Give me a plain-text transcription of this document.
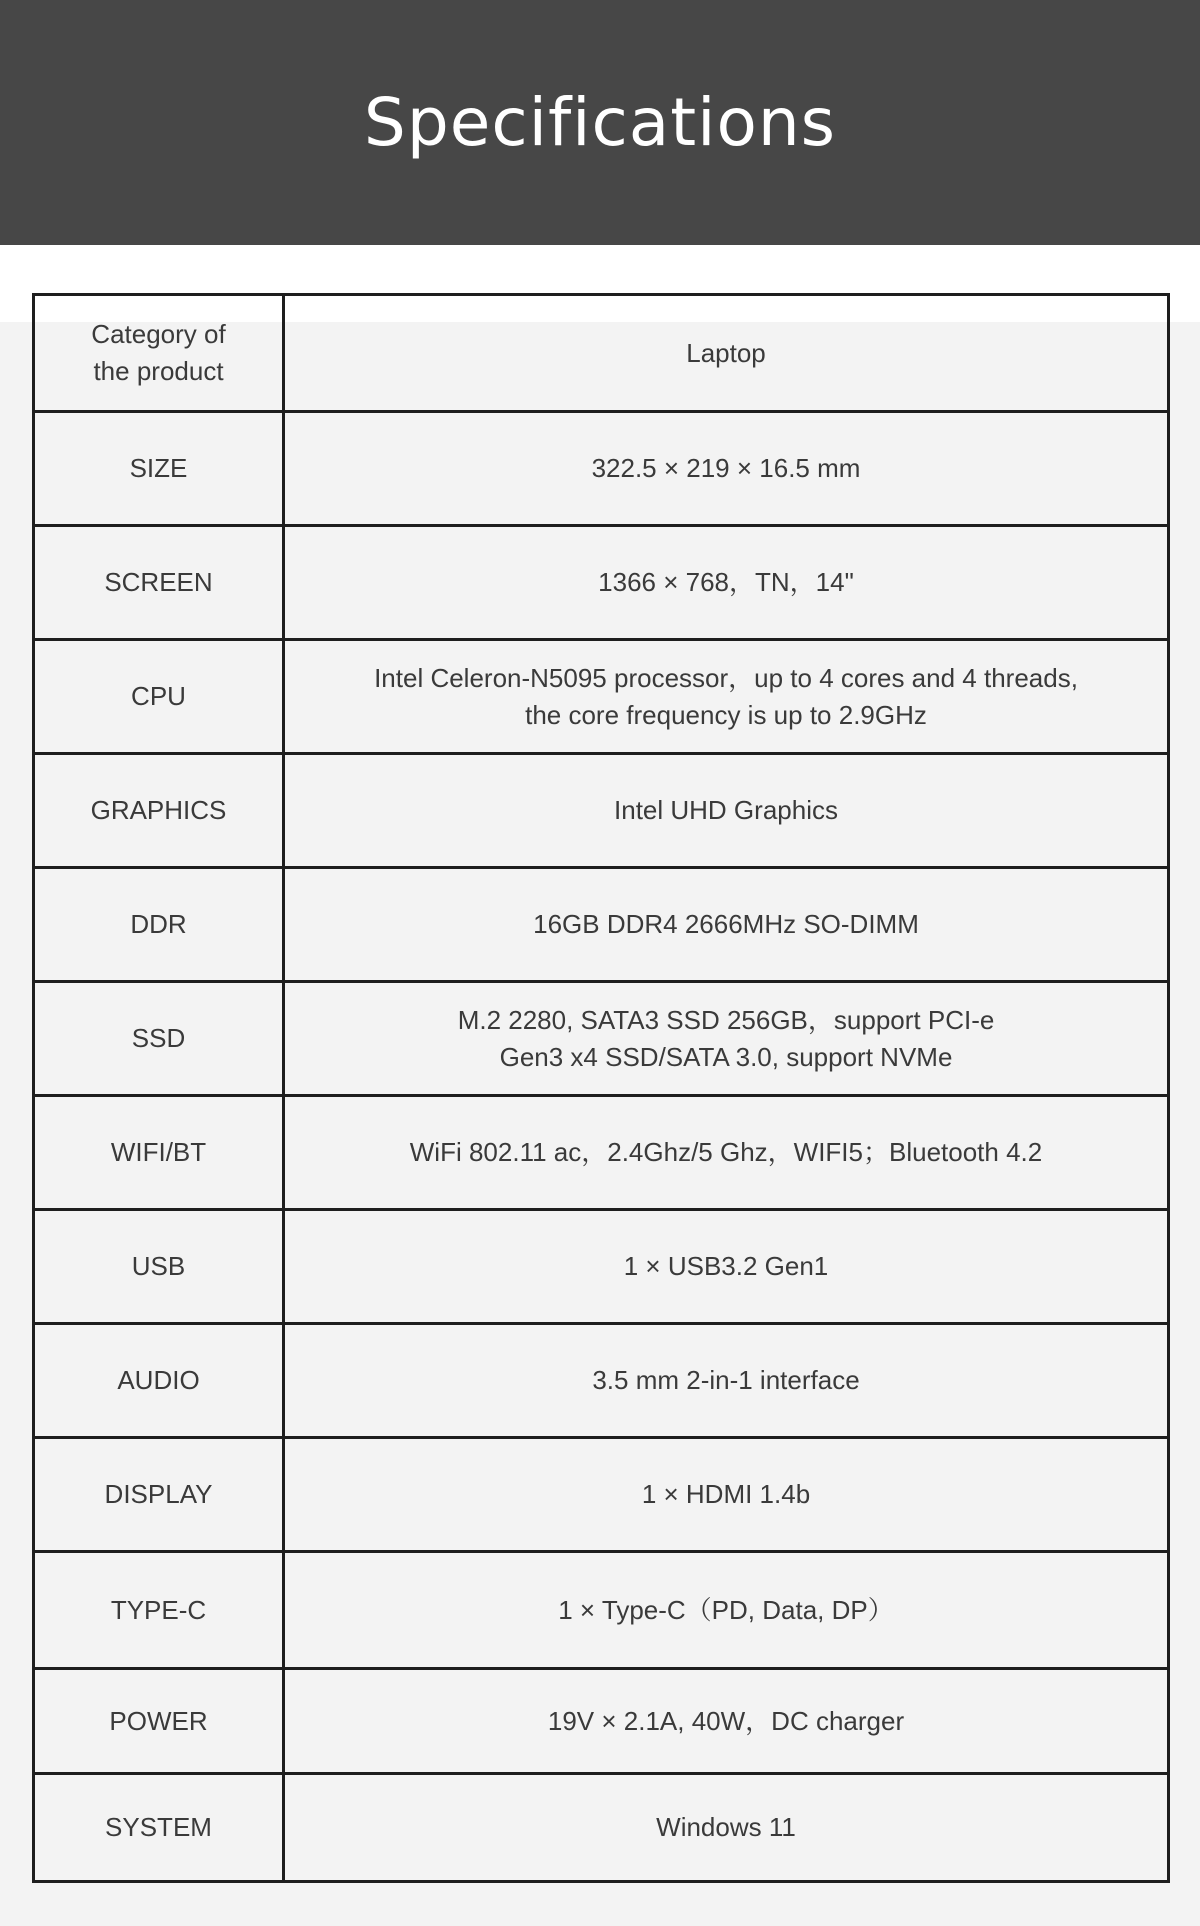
Specifications
Category of
the product	Laptop
SIZE	322.5 × 219 × 16.5 mm
SCREEN	1366 × 768，TN，14"
CPU	Intel Celeron-N5095 processor，up to 4 cores and 4 threads,
the core frequency is up to 2.9GHz
GRAPHICS	Intel UHD Graphics
DDR	16GB DDR4 2666MHz SO-DIMM
SSD	M.2 2280, SATA3 SSD 256GB，support PCI-e
Gen3 x4 SSD/SATA 3.0, support NVMe
WIFI/BT	WiFi 802.11 ac，2.4Ghz/5 Ghz，WIFI5；Bluetooth 4.2
USB	1 × USB3.2 Gen1
AUDIO	3.5 mm 2-in-1 interface
DISPLAY	1 × HDMI 1.4b
TYPE-C	1 × Type-C（PD, Data, DP）
POWER	19V × 2.1A, 40W，DC charger
SYSTEM	Windows 11
